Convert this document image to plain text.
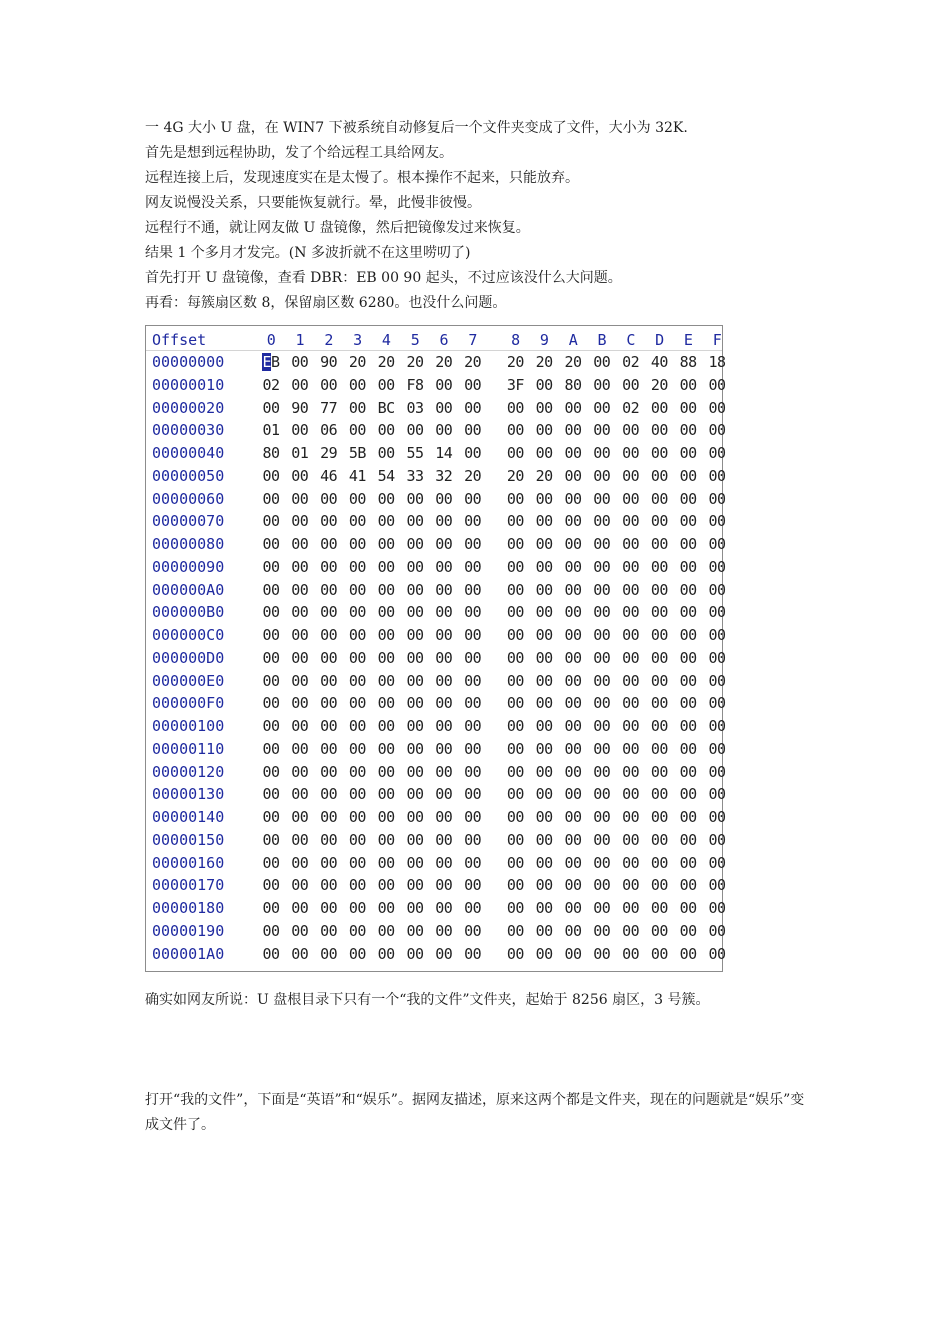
一 4G 大小 U 盘，在 WIN7 下被系统自动修复后一个文件夹变成了文件，大小为 32K.
首先是想到远程协助，发了个给远程工具给网友。
远程连接上后，发现速度实在是太慢了。根本操作不起来，只能放弃。
网友说慢没关系，只要能恢复就行。晕，此慢非彼慢。
远程行不通，就让网友做 U 盘镜像，然后把镜像发过来恢复。
结果 1 个多月才发完。(N 多波折就不在这里唠叨了)
首先打开 U 盘镜像，查看 DBR：EB 00 90 起头，不过应该没什么大问题。
再看：每簇扇区数 8，保留扇区数 6280。也没什么问题。
Offset	0	1	2	3	4	5	6	7	8	9	A	B	C	D	E	F
00000000	EB 00 90 20 20 20 20 20 20 20 20 00 02 40 88 18
00000010	02 00 00 00 00 F8 00 00 3F 00 80 00 00 20 00 00
00000020	00 90 77 00 BC 03 00 00 00 00 00 00 02 00 00 00
00000030	01 00 06 00 00 00 00 00 00 00 00 00 00 00 00 00
00000040	80 01 29 5B 00 55 14 00 00 00 00 00 00 00 00 00
00000050	00 00 46 41 54 33 32 20 20 20 00 00 00 00 00 00
00000060	00 00 00 00 00 00 00 00 00 00 00 00 00 00 00 00
00000070	00 00 00 00 00 00 00 00 00 00 00 00 00 00 00 00
00000080	00 00 00 00 00 00 00 00 00 00 00 00 00 00 00 00
00000090	00 00 00 00 00 00 00 00 00 00 00 00 00 00 00 00
000000A0	00 00 00 00 00 00 00 00 00 00 00 00 00 00 00 00
000000B0	00 00 00 00 00 00 00 00 00 00 00 00 00 00 00 00
000000C0	00 00 00 00 00 00 00 00 00 00 00 00 00 00 00 00
000000D0	00 00 00 00 00 00 00 00 00 00 00 00 00 00 00 00
000000E0	00 00 00 00 00 00 00 00 00 00 00 00 00 00 00 00
000000F0	00 00 00 00 00 00 00 00 00 00 00 00 00 00 00 00
00000100	00 00 00 00 00 00 00 00 00 00 00 00 00 00 00 00
00000110	00 00 00 00 00 00 00 00 00 00 00 00 00 00 00 00
00000120	00 00 00 00 00 00 00 00 00 00 00 00 00 00 00 00
00000130	00 00 00 00 00 00 00 00 00 00 00 00 00 00 00 00
00000140	00 00 00 00 00 00 00 00 00 00 00 00 00 00 00 00
00000150	00 00 00 00 00 00 00 00 00 00 00 00 00 00 00 00
00000160	00 00 00 00 00 00 00 00 00 00 00 00 00 00 00 00
00000170	00 00 00 00 00 00 00 00 00 00 00 00 00 00 00 00
00000180	00 00 00 00 00 00 00 00 00 00 00 00 00 00 00 00
00000190	00 00 00 00 00 00 00 00 00 00 00 00 00 00 00 00
000001A0	00 00 00 00 00 00 00 00 00 00 00 00 00 00 00 00
确实如网友所说：U 盘根目录下只有一个“我的文件”文件夹，起始于 8256 扇区，3 号簇。
打开“我的文件”，下面是“英语”和“娱乐”。据网友描述，原来这两个都是文件夹，现在的问题就是“娱乐”变成文件了。
